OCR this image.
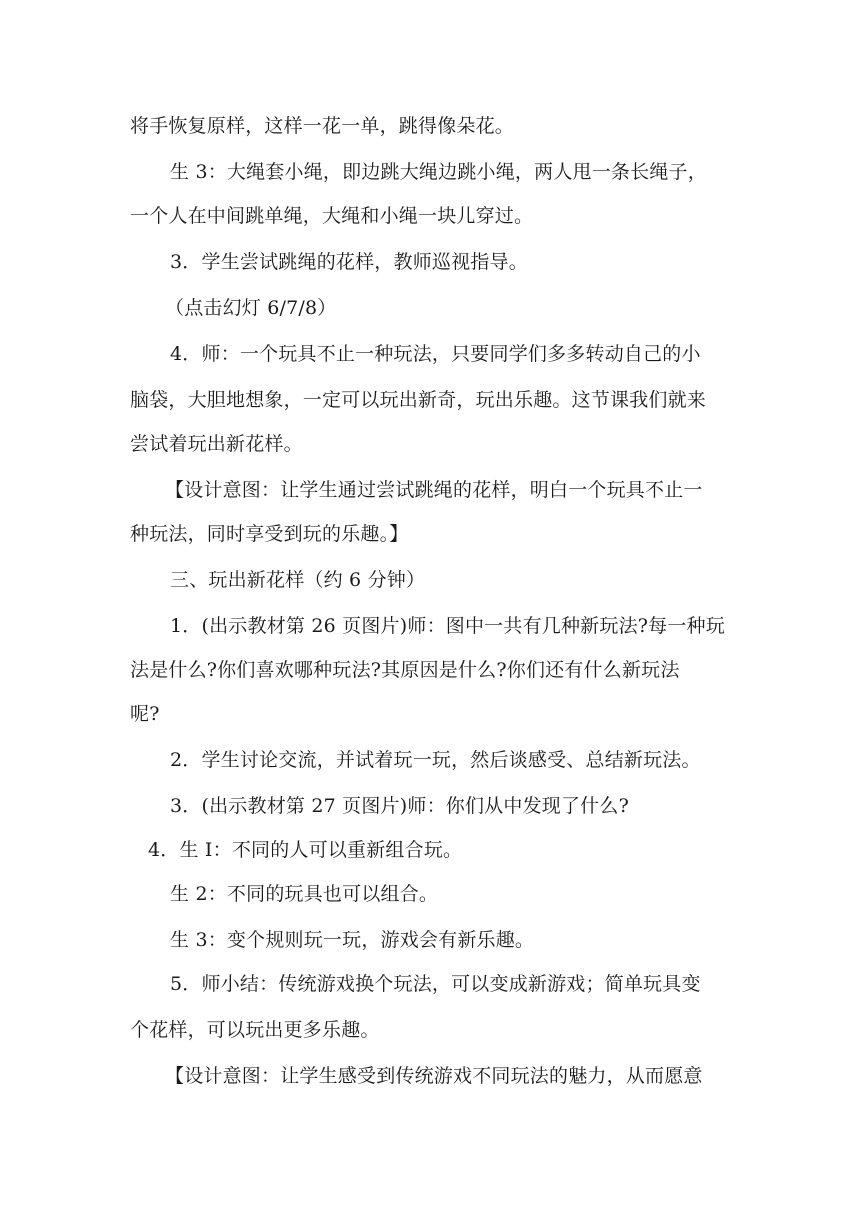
将手恢复原样，这样一花一单，跳得像朵花。
生 3：大绳套小绳，即边跳大绳边跳小绳，两人甩一条长绳子，
一个人在中间跳单绳，大绳和小绳一块儿穿过。
3．学生尝试跳绳的花样，教师巡视指导。
（点击幻灯 6/7/8）
4．师：一个玩具不止一种玩法，只要同学们多多转动自己的小
脑袋，大胆地想象，一定可以玩出新奇，玩出乐趣。这节课我们就来
尝试着玩出新花样。
【设计意图：让学生通过尝试跳绳的花样，明白一个玩具不止一
种玩法，同时享受到玩的乐趣。】
三、玩出新花样（约 6 分钟）
1．(出示教材第 26 页图片)师：图中一共有几种新玩法?每一种玩
法是什么?你们喜欢哪种玩法?其原因是什么?你们还有什么新玩法
呢?
2．学生讨论交流，并试着玩一玩，然后谈感受、总结新玩法。
3．(出示教材第 27 页图片)师：你们从中发现了什么?
4．生 I：不同的人可以重新组合玩。
生 2：不同的玩具也可以组合。
生 3：变个规则玩一玩，游戏会有新乐趣。
5．师小结：传统游戏换个玩法，可以变成新游戏；简单玩具变
个花样，可以玩出更多乐趣。
【设计意图：让学生感受到传统游戏不同玩法的魅力，从而愿意
